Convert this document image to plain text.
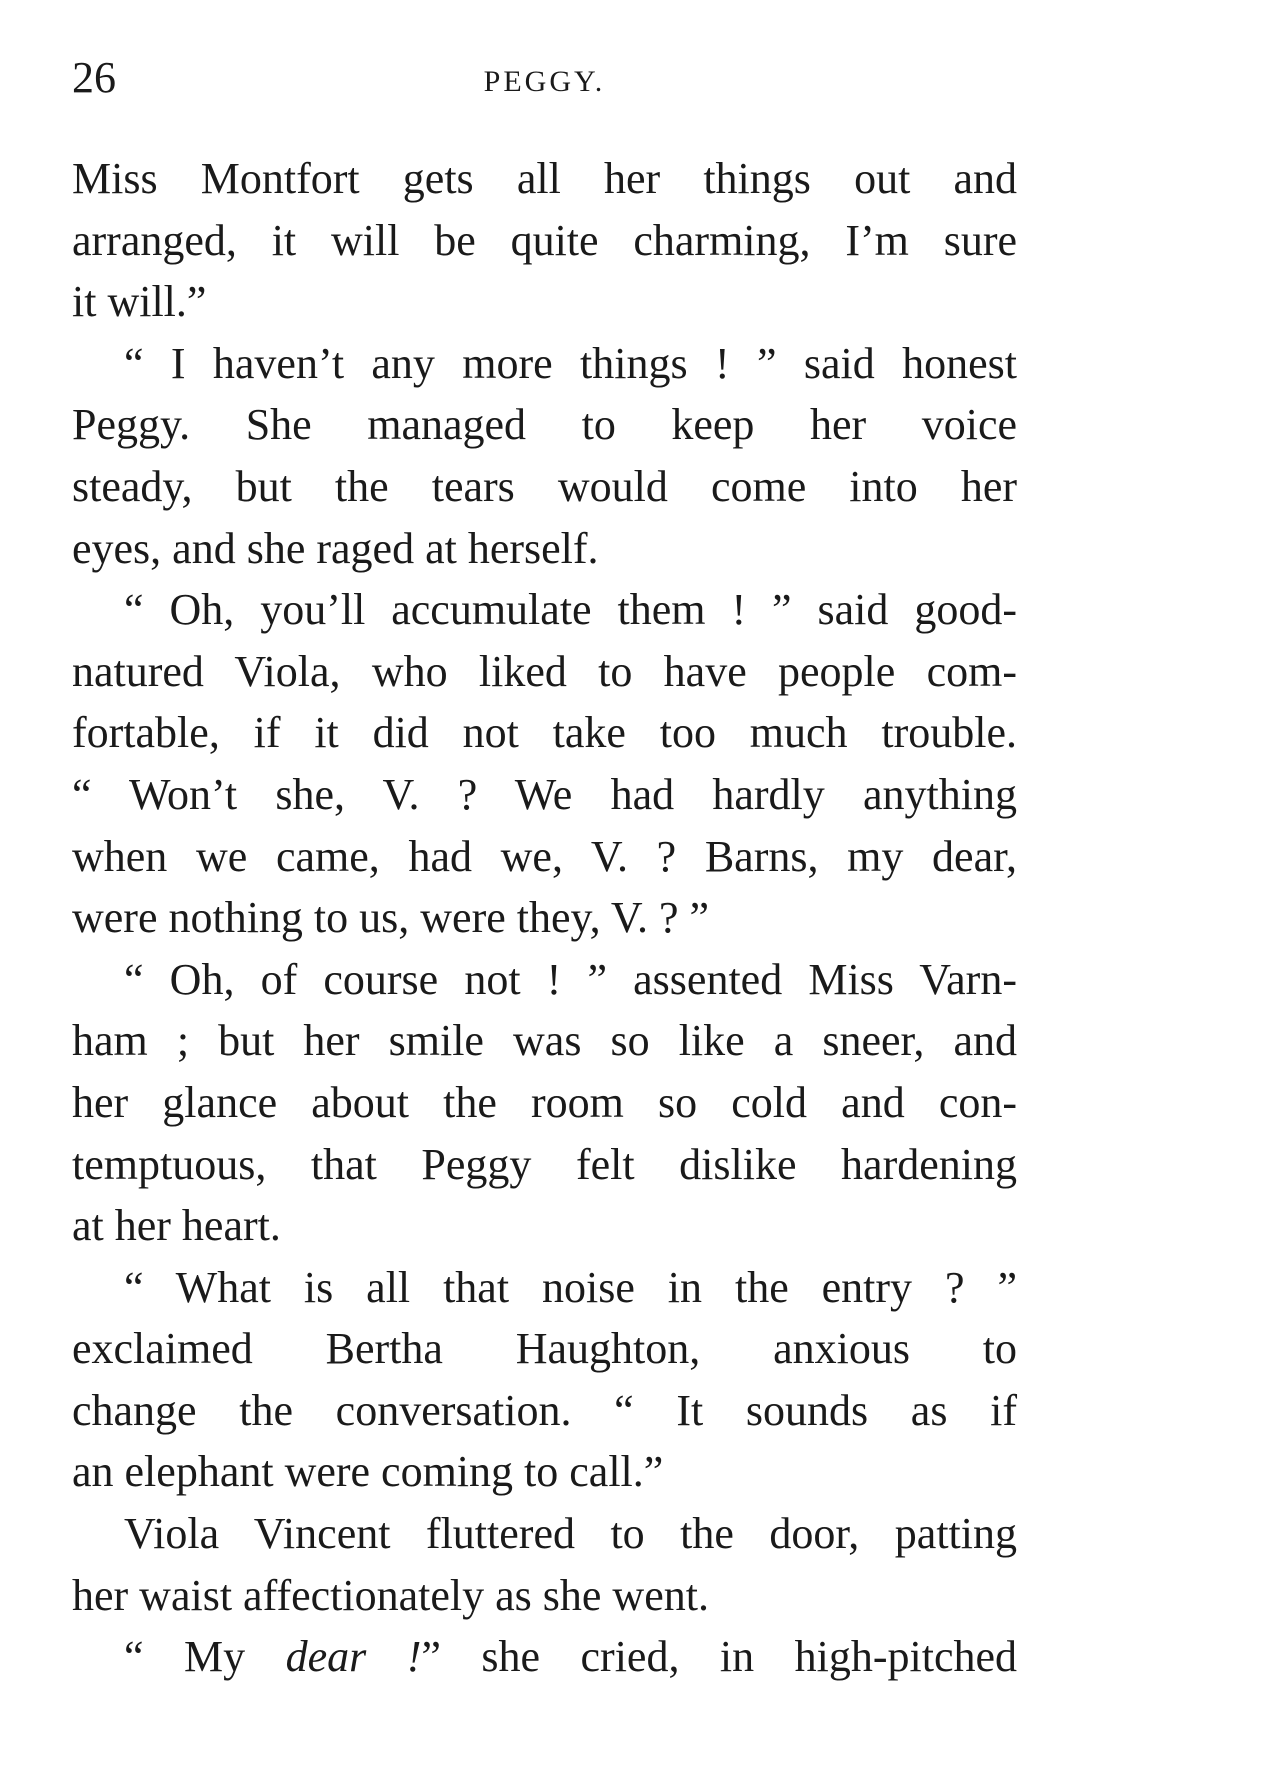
26	PEGGY.
Miss Montfort gets all her things out and
arranged, it will be quite charming, I’m sure
it will.”
“ I haven’t any more things ! ” said honest
Peggy. She managed to keep her voice
steady, but the tears would come into her
eyes, and she raged at herself.
“ Oh, you’ll accumulate them ! ” said good-
natured Viola, who liked to have people com-
fortable, if it did not take too much trouble.
“ Won’t she, V. ? We had hardly anything
when we came, had we, V. ? Barns, my dear,
were nothing to us, were they, V. ? ”
“ Oh, of course not ! ” assented Miss Varn-
ham ; but her smile was so like a sneer, and
her glance about the room so cold and con-
temptuous, that Peggy felt dislike hardening
at her heart.
“ What is all that noise in the entry ? ”
exclaimed Bertha Haughton, anxious to
change the conversation. “ It sounds as if
an elephant were coming to call.”
Viola Vincent fluttered to the door, patting
her waist affectionately as she went.
“ My dear !” she cried, in high-pitched
